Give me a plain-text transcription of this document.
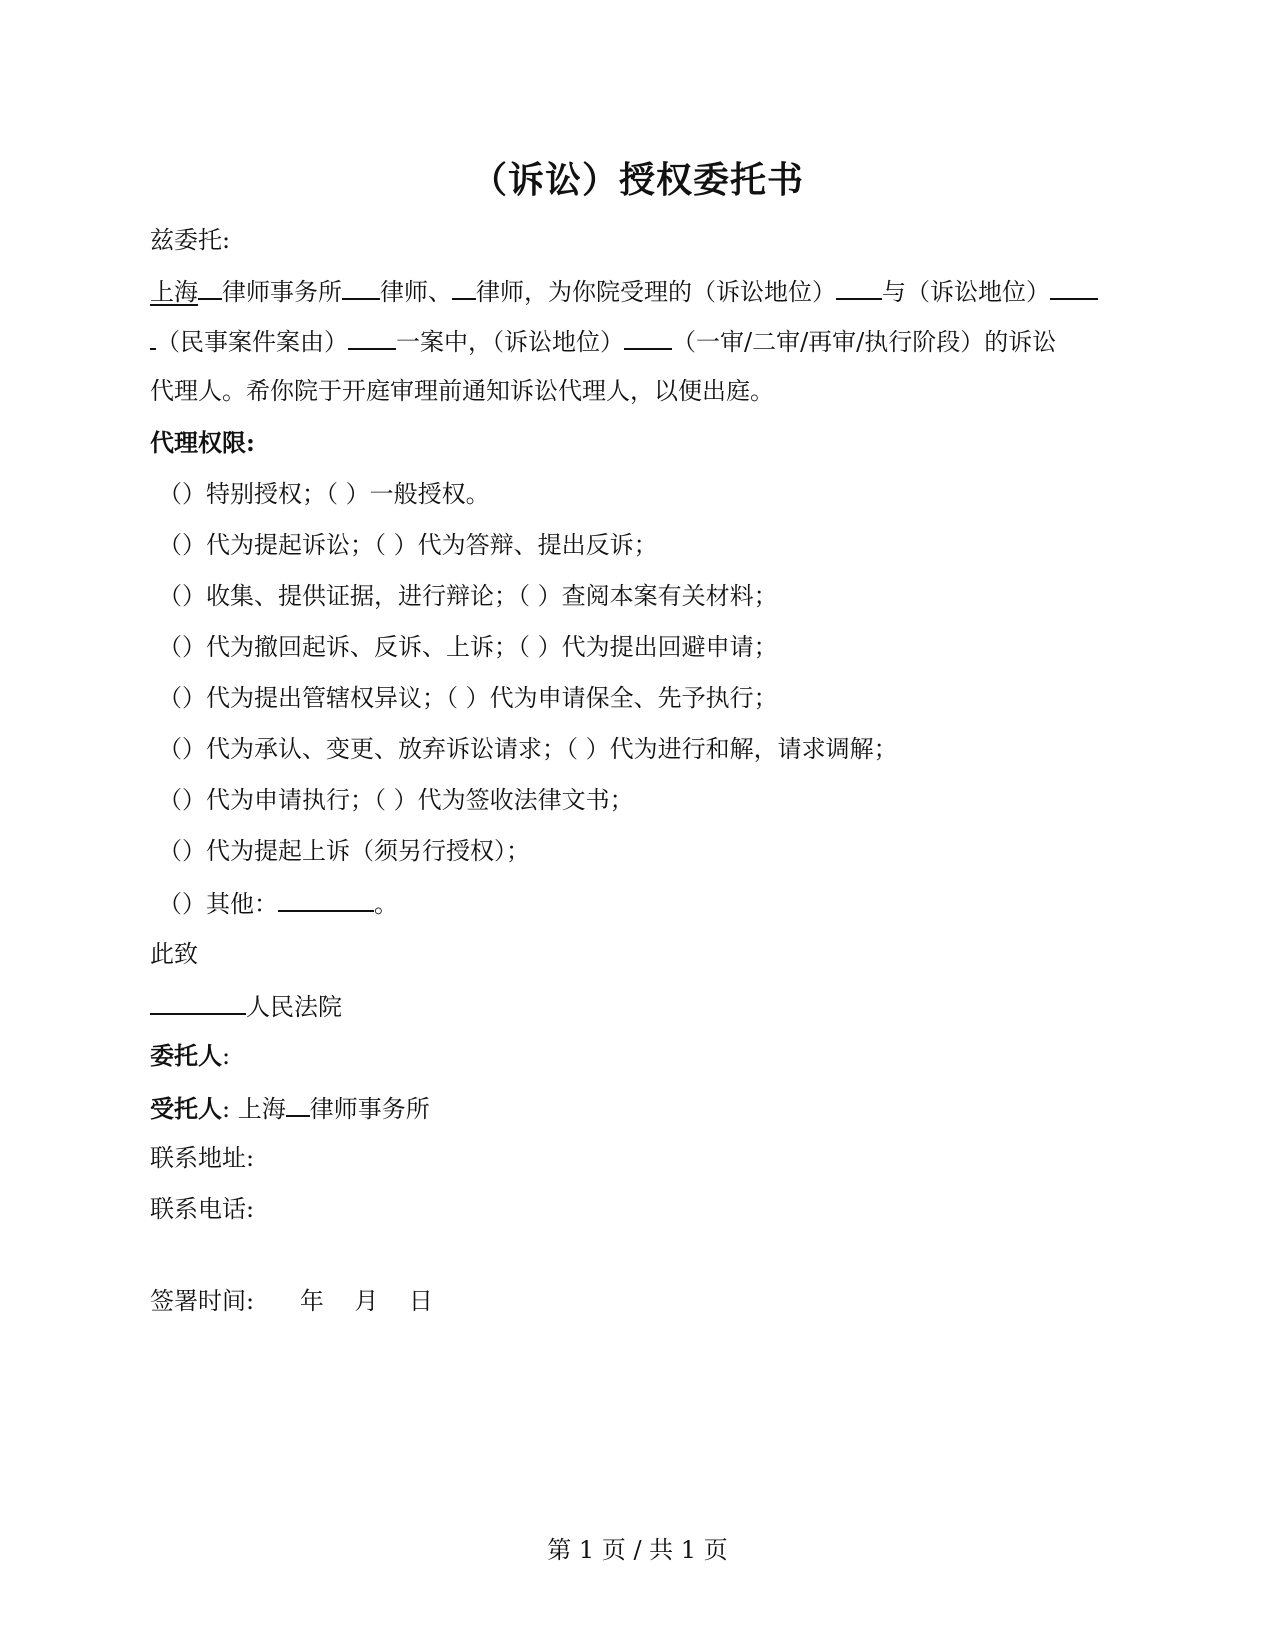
（诉讼）授权委托书
兹委托:
上海 律师事务所 律师、 律师，为你院受理的（诉讼地位） 与（诉讼地位）
（民事案件案由） 一案中，（诉讼地位） （一审/二审/再审/执行阶段）的诉讼
代理人。希你院于开庭审理前通知诉讼代理人，以便出庭。
代理权限:
（）特别授权；（ ）一般授权。
（）代为提起诉讼；（ ）代为答辩、提出反诉；
（）收集、提供证据，进行辩论；（ ）查阅本案有关材料；
（）代为撤回起诉、反诉、上诉；（ ）代为提出回避申请；
（）代为提出管辖权异议；（ ）代为申请保全、先予执行；
（）代为承认、变更、放弃诉讼请求；（ ）代为进行和解，请求调解；
（）代为申请执行；（ ）代为签收法律文书；
（）代为提起上诉（须另行授权）；
（）其他：	。
此致
人民法院
委托人:
受托人: 上海 律师事务所
联系地址:
联系电话:
签署时间:      年    月    日
第 1 页 / 共 1 页
